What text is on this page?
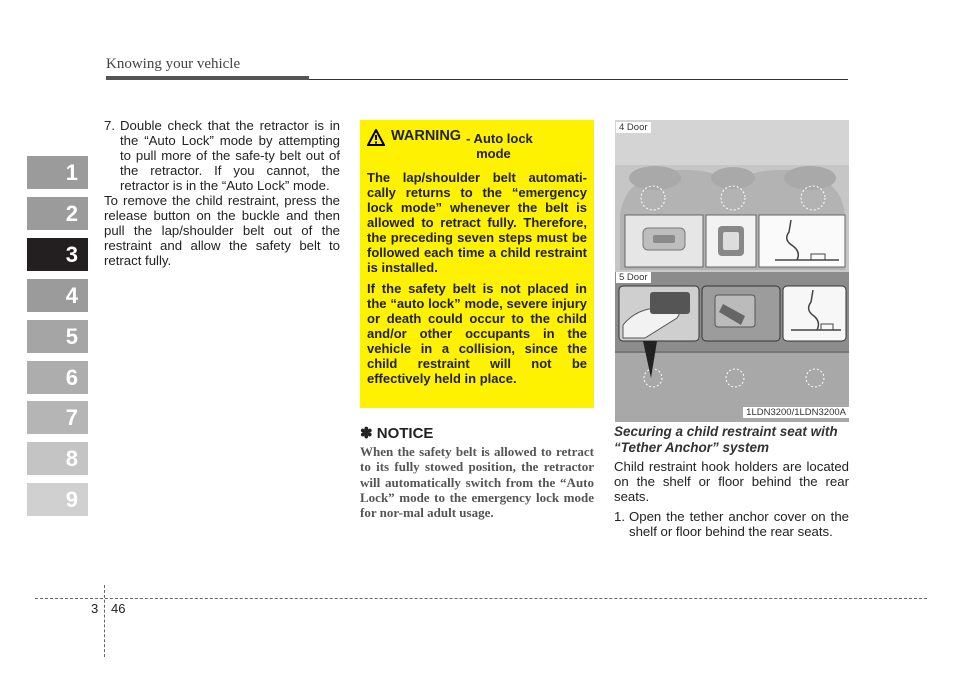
Knowing your vehicle
1
2
3
4
5
6
7
8
9
7. Double check that the retractor is in the “Auto Lock” mode by attempting to pull more of the safe-ty belt out of the retractor. If you cannot, the retractor is in the “Auto Lock” mode.

To remove the child restraint, press the release button on the buckle and then pull the lap/shoulder belt out of the restraint and allow the safety belt to retract fully.

WARNING - Auto lock
mode

The lap/shoulder belt automati-cally returns to the “emergency lock mode” whenever the belt is allowed to retract fully. Therefore, the preceding seven steps must be followed each time a child restraint is installed.

If the safety belt is not placed in the “auto lock” mode, severe injury or death could occur to the child and/or other occupants in the vehicle in a collision, since the child restraint will not be effectively held in place.

✽ NOTICE
When the safety belt is allowed to retract to its fully stowed position, the retractor will automatically switch from the “Auto Lock” mode to the emergency lock mode for nor-mal adult usage.
4 Door
5 Door
1LDN3200/1LDN3200A
Securing a child restraint seat with “Tether Anchor” system

Child restraint hook holders are located on the shelf or floor behind the rear seats.

1. Open the tether anchor cover on the shelf or floor behind the rear seats.
3 46
